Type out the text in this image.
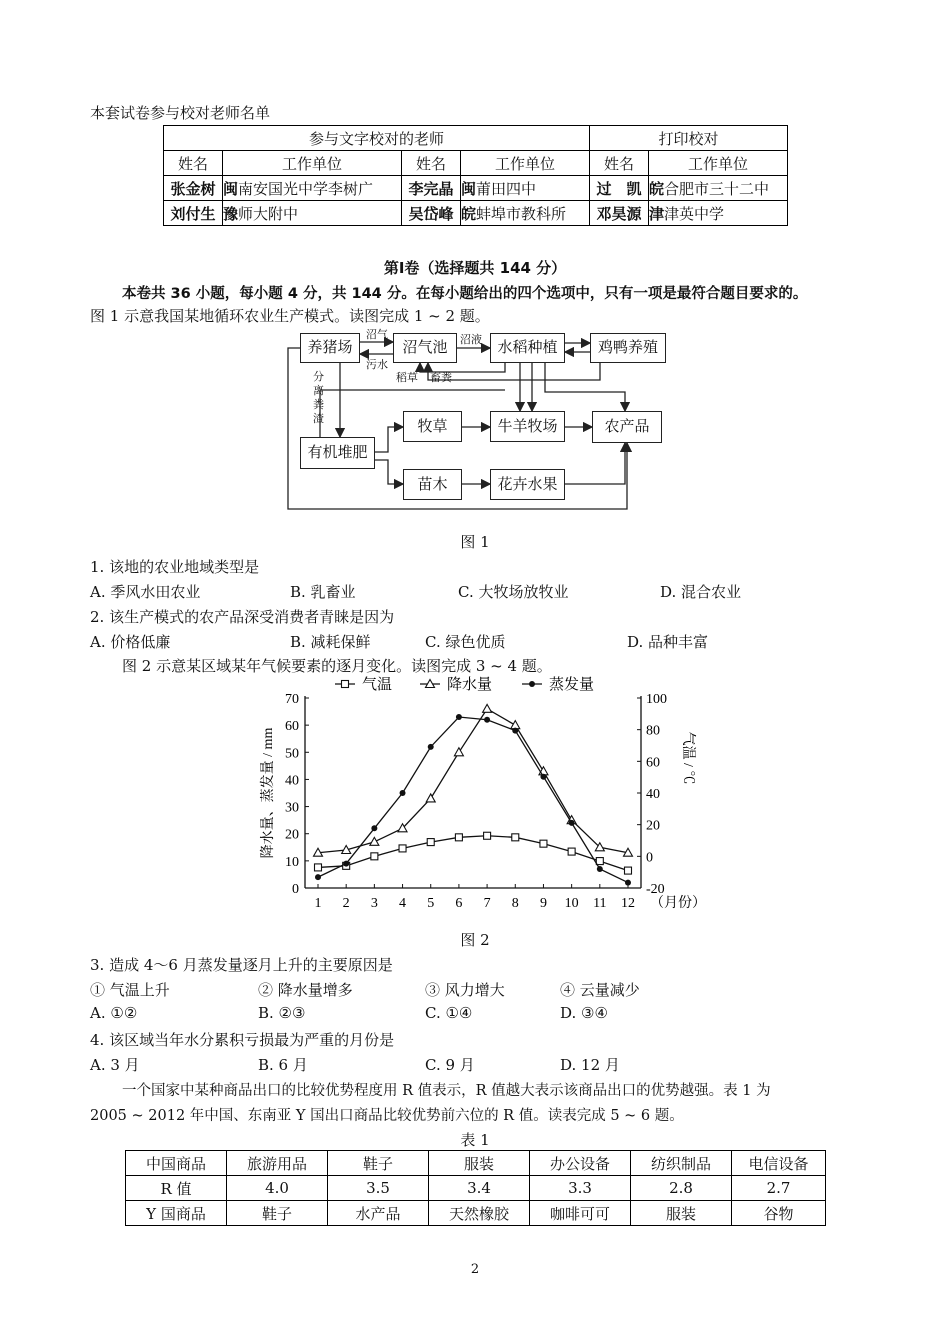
本套试卷参与校对老师名单
参与文字校对的老师				打印校对	
姓名	工作单位	姓名	工作单位	姓名	工作单位
张金树	闽南安国光中学李树广	李完晶	闽莆田四中	过　凯	皖合肥市三十二中
刘付生	豫师大附中	吴岱峰	皖蚌埠市教科所	邓昊源	津津英中学
第Ⅰ卷（选择题共 144 分）
本卷共 36 小题，每小题 4 分，共 144 分。在每小题给出的四个选项中，只有一项是最符合题目要求的。
图 1 示意我国某地循环农业生产模式。读图完成 1 ~ 2 题。
养猪场	沼气池	水稻种植	鸡鸭养殖
有机堆肥
牧草	牛羊牧场	农产品
苗木	花卉水果
沼气
污水
沼液
稻草 畜粪
分
离
粪
渣
图 1
1. 该地的农业地域类型是
A. 季风水田农业	B. 乳畜业	C. 大牧场放牧业	D. 混合农业
2. 该生产模式的农产品深受消费者青睐是因为
A. 价格低廉	B. 减耗保鲜	C. 绿色优质	D. 品种丰富
图 2 示意某区域某年气候要素的逐月变化。读图完成 3 ~ 4 题。
0
10
20
30
40
50
60
70
-20
0
20
40
60
80
100
1 2 3 4 5 6 7 8 9 10 11 12 （月份）
降水量、蒸发量 / mm	气温 / ℃
气温	降水量	蒸发量
图 2
3. 造成 4～6 月蒸发量逐月上升的主要原因是
① 气温上升	② 降水量增多	③ 风力增大	④ 云量减少
A. ①②	B. ②③	C. ①④	D. ③④
4. 该区域当年水分累积亏损最为严重的月份是
A. 3 月	B. 6 月	C. 9 月	D. 12 月
一个国家中某种商品出口的比较优势程度用 R 值表示，R 值越大表示该商品出口的优势越强。表 1 为
2005 ~ 2012 年中国、东南亚 Y 国出口商品比较优势前六位的 R 值。读表完成 5 ~ 6 题。
表 1
中国商品	旅游用品	鞋子	服装	办公设备	纺织制品	电信设备
R 值	4.0	3.5	3.4	3.3	2.8	2.7
Y 国商品	鞋子	水产品	天然橡胶	咖啡可可	服装	谷物
2
